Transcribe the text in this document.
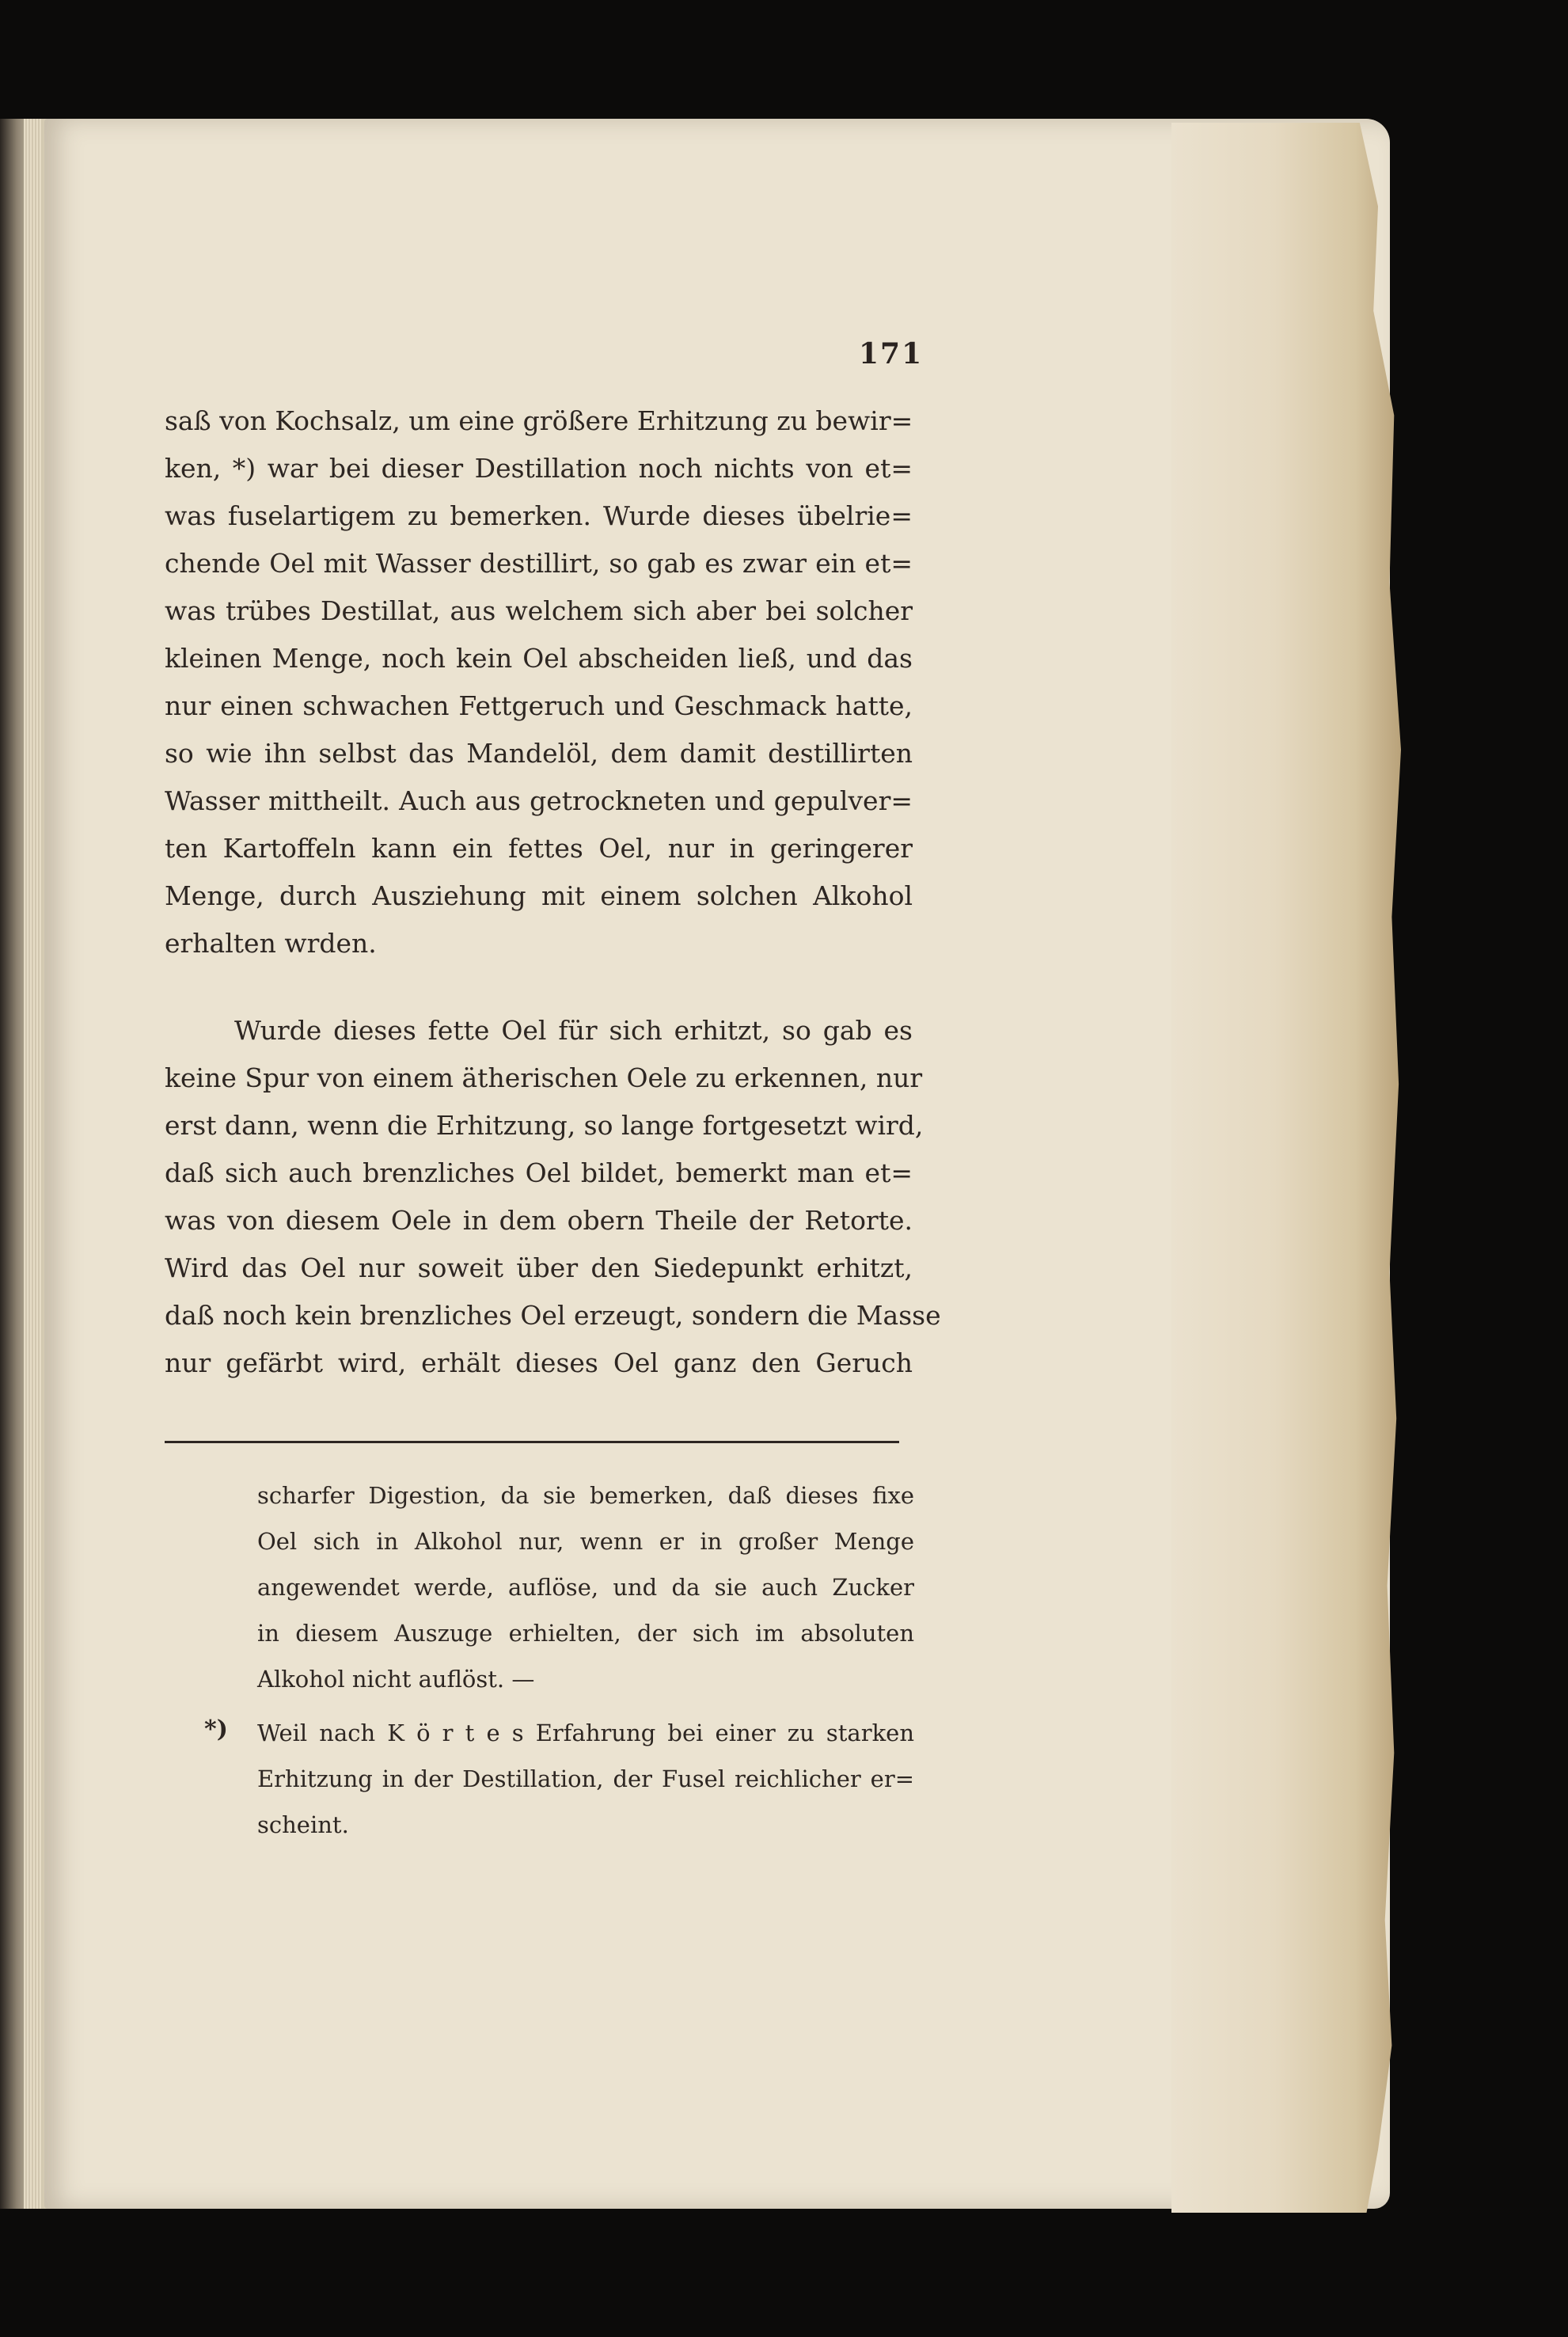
171
saß von Kochsalz, um eine größere Erhitzung zu bewir=
ken, *) war bei dieser Destillation noch nichts von et=
was fuselartigem zu bemerken. Wurde dieses übelrie=
chende Oel mit Wasser destillirt, so gab es zwar ein et=
was trübes Destillat, aus welchem sich aber bei solcher
kleinen Menge, noch kein Oel abscheiden ließ, und das
nur einen schwachen Fettgeruch und Geschmack hatte,
so wie ihn selbst das Mandelöl, dem damit destillirten
Wasser mittheilt. Auch aus getrockneten und gepulver=
ten Kartoffeln kann ein fettes Oel, nur in geringerer
Menge, durch Ausziehung mit einem solchen Alkohol
erhalten wrden.
Wurde dieses fette Oel für sich erhitzt, so gab es
keine Spur von einem ätherischen Oele zu erkennen, nur
erst dann, wenn die Erhitzung, so lange fortgesetzt wird,
daß sich auch brenzliches Oel bildet, bemerkt man et=
was von diesem Oele in dem obern Theile der Retorte.
Wird das Oel nur soweit über den Siedepunkt erhitzt,
daß noch kein brenzliches Oel erzeugt, sondern die Masse
nur gefärbt wird, erhält dieses Oel ganz den Geruch
scharfer Digestion, da sie bemerken, daß dieses fixe
Oel sich in Alkohol nur, wenn er in großer Menge
angewendet werde, auflöse, und da sie auch Zucker
in diesem Auszuge erhielten, der sich im absoluten
Alkohol nicht auflöst. —
*) Weil nach K ö r t e s Erfahrung bei einer zu starken
Erhitzung in der Destillation, der Fusel reichlicher er=
scheint.
